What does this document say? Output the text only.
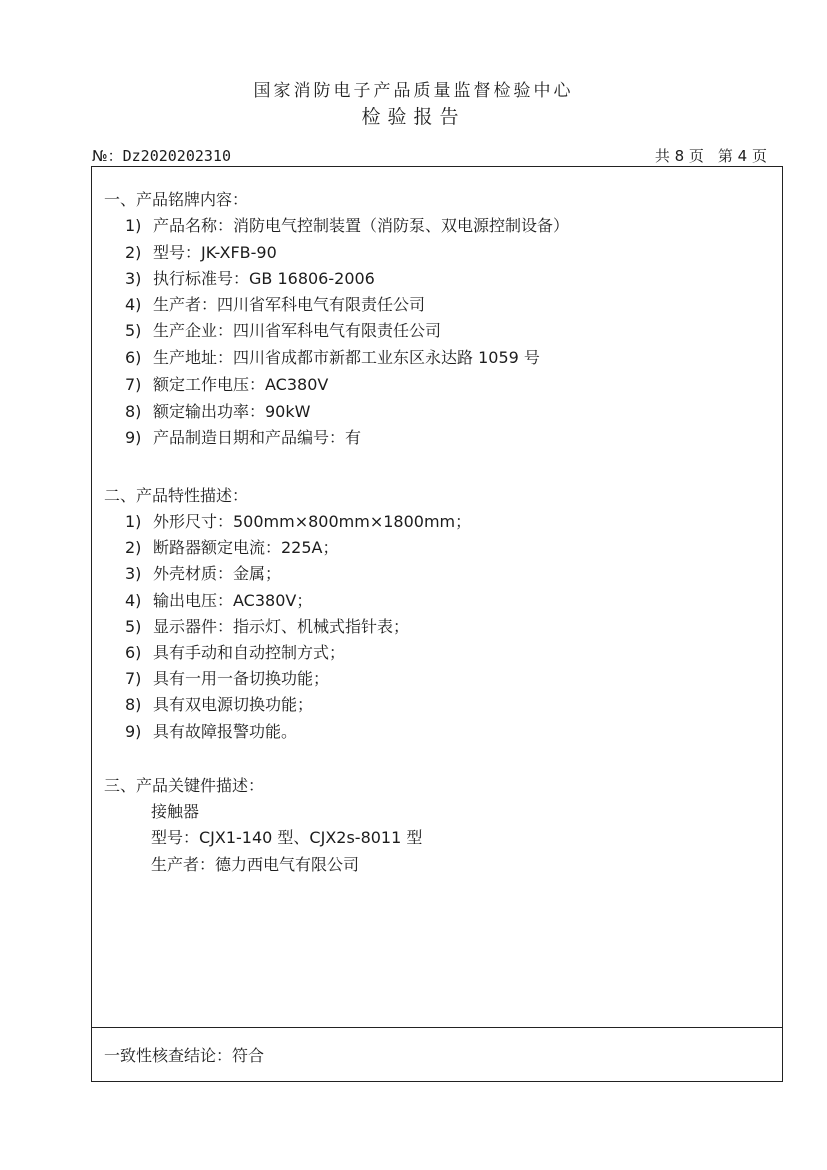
国家消防电子产品质量监督检验中心
检验报告
№：Dz2020202310	共 8 页 第 4 页
一、产品铭牌内容：
1) 产品名称：消防电气控制装置（消防泵、双电源控制设备）
2) 型号：JK-XFB-90
3) 执行标准号：GB 16806-2006
4) 生产者：四川省军科电气有限责任公司
5) 生产企业：四川省军科电气有限责任公司
6) 生产地址：四川省成都市新都工业东区永达路 1059 号
7) 额定工作电压：AC380V
8) 额定输出功率：90kW
9) 产品制造日期和产品编号：有
二、产品特性描述：
1) 外形尺寸：500mm×800mm×1800mm；
2) 断路器额定电流：225A；
3) 外壳材质：金属；
4) 输出电压：AC380V；
5) 显示器件：指示灯、机械式指针表；
6) 具有手动和自动控制方式；
7) 具有一用一备切换功能；
8) 具有双电源切换功能；
9) 具有故障报警功能。
三、产品关键件描述：
接触器
型号：CJX1-140 型、CJX2s-8011 型
生产者：德力西电气有限公司
一致性核查结论：符合
